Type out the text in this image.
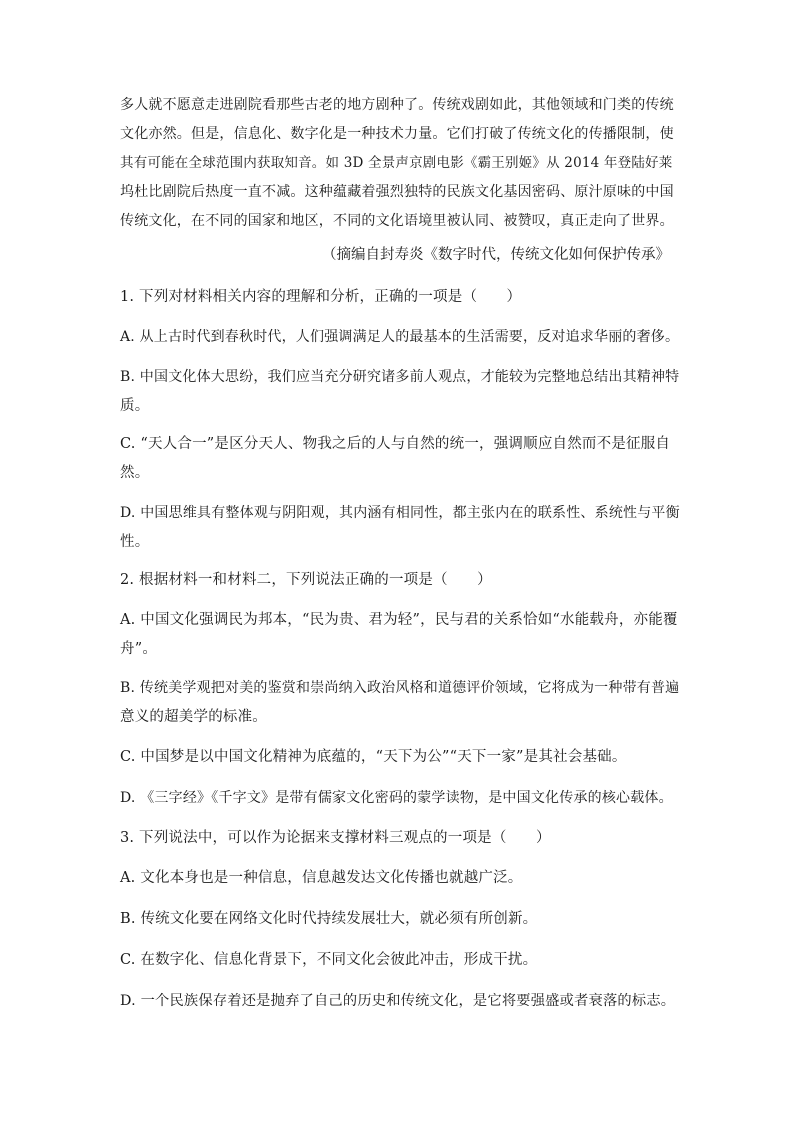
多人就不愿意走进剧院看那些古老的地方剧种了。传统戏剧如此，其他领域和门类的传统
文化亦然。但是，信息化、数字化是一种技术力量。它们打破了传统文化的传播限制，使
其有可能在全球范围内获取知音。如 3D 全景声京剧电影《霸王别姬》从 2014 年登陆好莱
坞杜比剧院后热度一直不减。这种蕴藏着强烈独特的民族文化基因密码、原汁原味的中国
传统文化，在不同的国家和地区，不同的文化语境里被认同、被赞叹，真正走向了世界。
（摘编自封寿炎《数字时代，传统文化如何保护传承》
1. 下列对材料相关内容的理解和分析，正确的一项是（　　）
A. 从上古时代到春秋时代，人们强调满足人的最基本的生活需要，反对追求华丽的奢侈。
B. 中国文化体大思纷，我们应当充分研究诸多前人观点，才能较为完整地总结出其精神特
质。
C. “天人合一”是区分天人、物我之后的人与自然的统一，强调顺应自然而不是征服自
然。
D. 中国思维具有整体观与阴阳观，其内涵有相同性，都主张内在的联系性、系统性与平衡
性。
2. 根据材料一和材料二，下列说法正确的一项是（　　）
A. 中国文化强调民为邦本，“民为贵、君为轻”，民与君的关系恰如“水能载舟，亦能覆
舟”。
B. 传统美学观把对美的鉴赏和崇尚纳入政治风格和道德评价领域，它将成为一种带有普遍
意义的超美学的标准。
C. 中国梦是以中国文化精神为底蕴的，“天下为公”“天下一家”是其社会基础。
D. 《三字经》《千字文》是带有儒家文化密码的蒙学读物，是中国文化传承的核心载体。
3. 下列说法中，可以作为论据来支撑材料三观点的一项是（　　）
A. 文化本身也是一种信息，信息越发达文化传播也就越广泛。
B. 传统文化要在网络文化时代持续发展壮大，就必须有所创新。
C. 在数字化、信息化背景下，不同文化会彼此冲击，形成干扰。
D. 一个民族保存着还是抛弃了自己的历史和传统文化，是它将要强盛或者衰落的标志。
